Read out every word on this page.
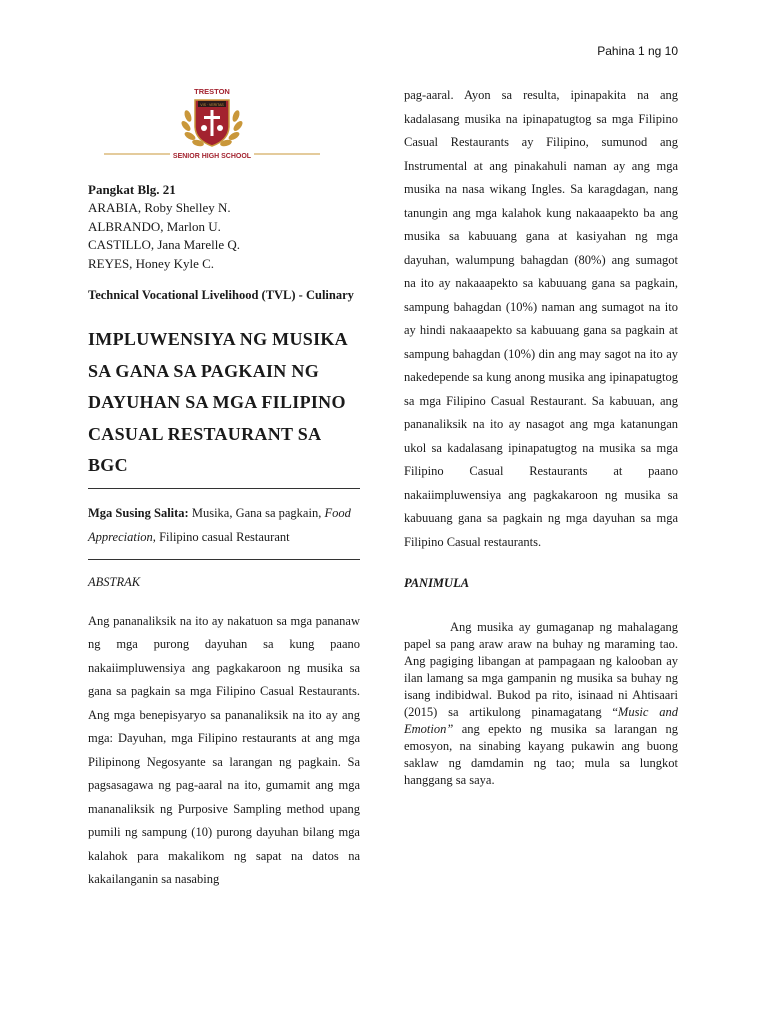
Pahina 1 ng 10
TRESTON
VIS · VERITAS
SENIOR HIGH SCHOOL

Pangkat Blg. 21

ARABIA, Roby Shelley N.

ALBRANDO, Marlon U.

CASTILLO, Jana Marelle Q.

REYES, Honey Kyle C.

Technical Vocational Livelihood (TVL) - Culinary

IMPLUWENSIYA NG MUSIKA SA GANA SA PAGKAIN NG DAYUHAN SA MGA FILIPINO CASUAL RESTAURANT SA BGC

Mga Susing Salita: Musika, Gana sa pagkain, Food Appreciation, Filipino casual Restaurant

ABSTRAK

Ang pananaliksik na ito ay nakatuon sa mga pananaw ng mga purong dayuhan sa kung paano nakaiimpluwensiya ang pagkakaroon ng musika sa gana sa pagkain sa mga Filipino Casual Restaurants. Ang mga benepisyaryo sa pananaliksik na ito ay ang mga: Dayuhan, mga Filipino restaurants at ang mga Pilipinong Negosyante sa larangan ng pagkain. Sa pagsasagawa ng pag-aaral na ito, gumamit ang mga mananaliksik ng Purposive Sampling method upang pumili ng sampung (10) purong dayuhan bilang mga kalahok para makalikom ng sapat na datos na kakailanganin sa nasabing

pag-aaral. Ayon sa resulta, ipinapakita na ang kadalasang musika na ipinapatugtog sa mga Filipino Casual Restaurants ay Filipino, sumunod ang Instrumental at ang pinakahuli naman ay ang mga musika na nasa wikang Ingles. Sa karagdagan, nang tanungin ang mga kalahok kung nakaaapekto ba ang musika sa kabuuang gana at kasiyahan ng mga dayuhan, walumpung bahagdan (80%) ang sumagot na ito ay nakaaapekto sa kabuuang gana sa pagkain, sampung bahagdan (10%) naman ang sumagot na ito ay hindi nakaaapekto sa kabuuang gana sa pagkain at sampung bahagdan (10%) din ang may sagot na ito ay nakedepende sa kung anong musika ang ipinapatugtog sa mga Filipino Casual Restaurant. Sa kabuuan, ang pananaliksik na ito ay nasagot ang mga katanungan ukol sa kadalasang ipinapatugtog na musika sa mga Filipino Casual Restaurants at paano nakaiimpluwensiya ang pagkakaroon ng musika sa kabuuang gana sa pagkain ng mga dayuhan sa mga Filipino Casual restaurants.

PANIMULA

Ang musika ay gumaganap ng mahalagang papel sa pang araw araw na buhay ng maraming tao. Ang pagiging libangan at pampagaan ng kalooban ay ilan lamang sa mga gampanin ng musika sa buhay ng isang indibidwal. Bukod pa rito, isinaad ni Ahtisaari (2015) sa artikulong pinamagatang “Music and Emotion” ang epekto ng musika sa larangan ng emosyon, na sinabing kayang pukawin ang buong saklaw ng damdamin ng tao; mula sa lungkot hanggang sa saya.
